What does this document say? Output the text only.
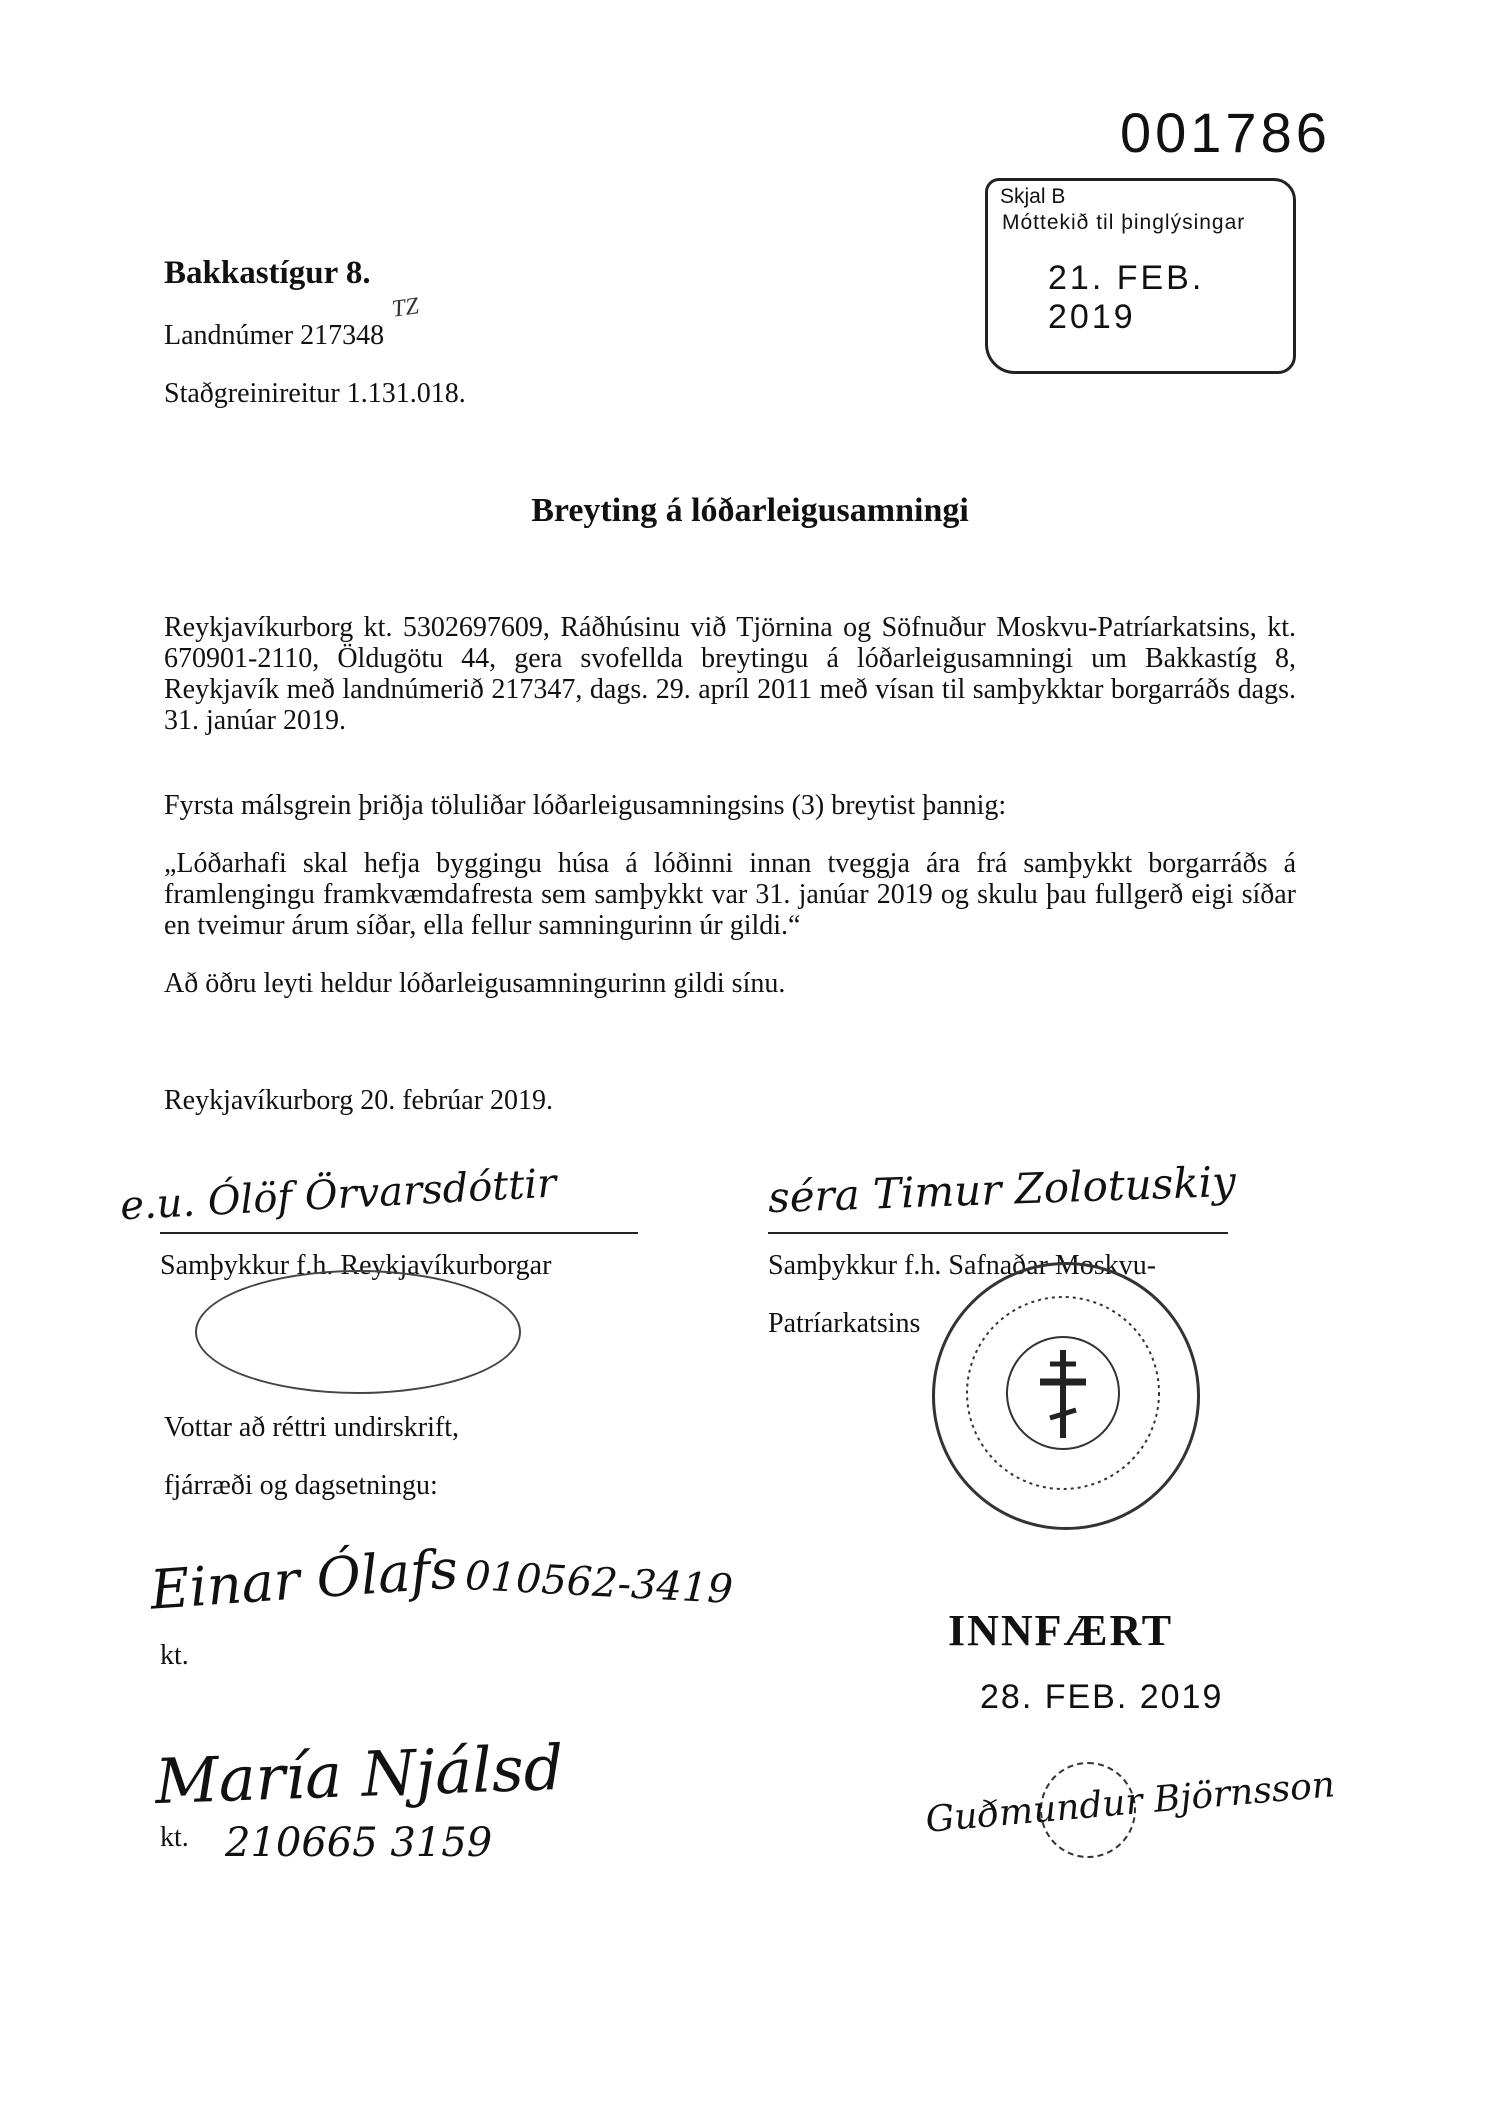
001786
Skjal B
Móttekið til þinglýsingar
21. FEB. 2019
Bakkastígur 8.
Landnúmer 217348
TZ
Staðgreinireitur 1.131.018.
Breyting á lóðarleigusamningi
Reykjavíkurborg kt. 5302697609, Ráðhúsinu við Tjörnina og Söfnuður Moskvu-Patríarkatsins, kt. 670901-2110, Öldugötu 44, gera svofellda breytingu á lóðarleigusamningi um Bakkastíg 8, Reykjavík með landnúmerið 217347, dags. 29. apríl 2011 með vísan til samþykktar borgarráðs dags. 31. janúar 2019.
Fyrsta málsgrein þriðja töluliðar lóðarleigusamningsins (3) breytist þannig:
„Lóðarhafi skal hefja byggingu húsa á lóðinni innan tveggja ára frá samþykkt borgarráðs á framlengingu framkvæmdafresta sem samþykkt var 31. janúar 2019 og skulu þau fullgerð eigi síðar en tveimur árum síðar, ella fellur samningurinn úr gildi.“
Að öðru leyti heldur lóðarleigusamningurinn gildi sínu.
Reykjavíkurborg 20. febrúar 2019.
e.u. Ólöf Örvarsdóttir
Samþykkur f.h. Reykjavíkurborgar
séra Timur Zolotuskiy
Samþykkur f.h. Safnaðar Moskvu-
Patríarkatsins
Vottar að réttri undirskrift,
fjárræði og dagsetningu:
Einar Ólafs 010562-3419
kt.
María Njálsd
kt. 210665 3159
INNFÆRT
28. FEB. 2019
Guðmundur Björnsson
